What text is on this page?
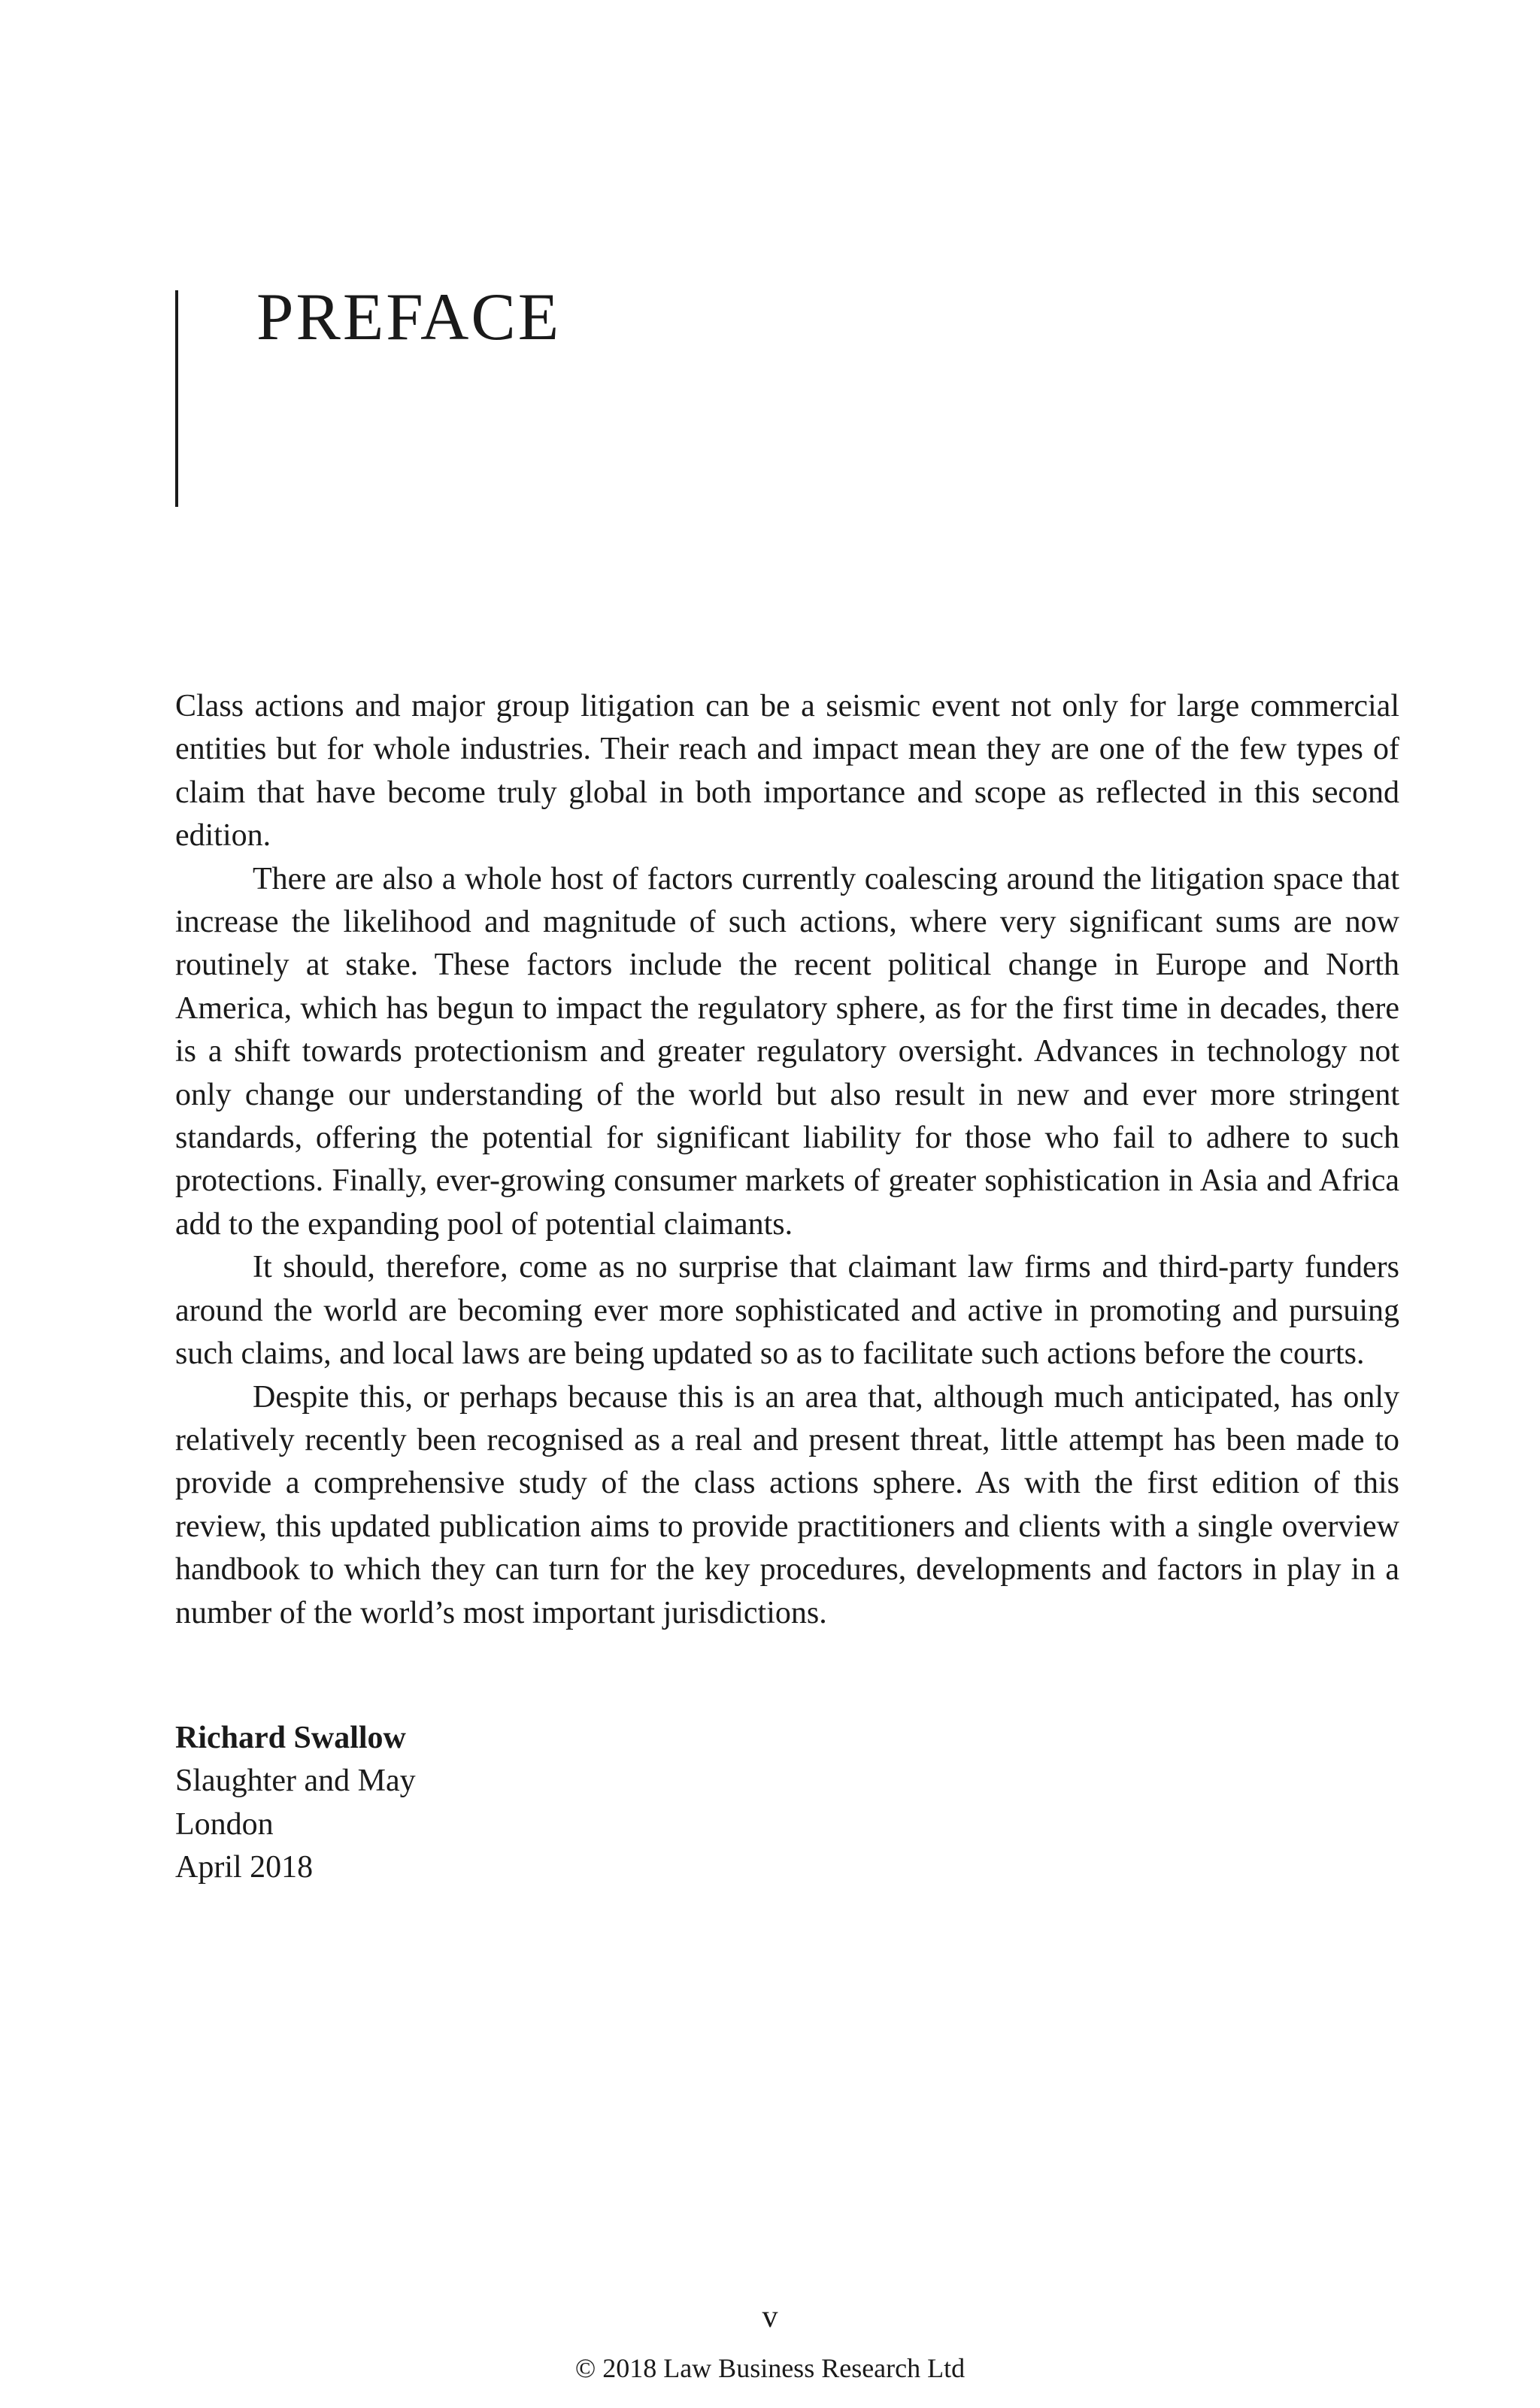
PREFACE

Class actions and major group litigation can be a seismic event not only for large commercial entities but for whole industries. Their reach and impact mean they are one of the few types of claim that have become truly global in both importance and scope as reflected in this second edition.

There are also a whole host of factors currently coalescing around the litigation space that increase the likelihood and magnitude of such actions, where very significant sums are now routinely at stake. These factors include the recent political change in Europe and North America, which has begun to impact the regulatory sphere, as for the first time in decades, there is a shift towards protectionism and greater regulatory oversight. Advances in technology not only change our understanding of the world but also result in new and ever more stringent standards, offering the potential for significant liability for those who fail to adhere to such protections. Finally, ever-growing consumer markets of greater sophistication in Asia and Africa add to the expanding pool of potential claimants.

It should, therefore, come as no surprise that claimant law firms and third-party funders around the world are becoming ever more sophisticated and active in promoting and pursuing such claims, and local laws are being updated so as to facilitate such actions before the courts.

Despite this, or perhaps because this is an area that, although much anticipated, has only relatively recently been recognised as a real and present threat, little attempt has been made to provide a comprehensive study of the class actions sphere. As with the first edition of this review, this updated publication aims to provide practitioners and clients with a single overview handbook to which they can turn for the key procedures, developments and factors in play in a number of the world’s most important jurisdictions.

Richard Swallow
Slaughter and May
London
April 2018
v
© 2018 Law Business Research Ltd
